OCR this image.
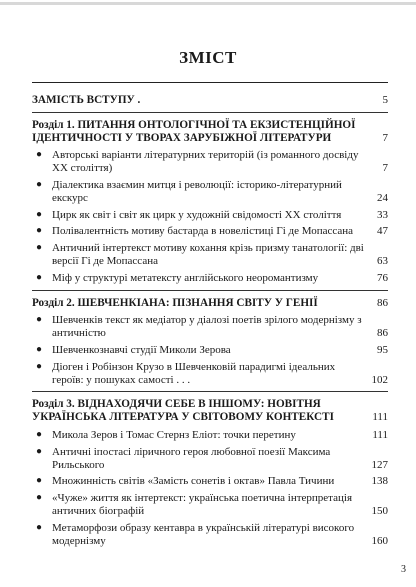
ЗМІСТ
ЗАМІСТЬ ВСТУПУ .	5
Розділ 1. ПИТАННЯ ОНТОЛОГІЧНОЇ ТА ЕКЗИСТЕНЦІЙНОЇ ІДЕНТИЧНОСТІ У ТВОРАХ ЗАРУБІЖНОЇ ЛІТЕРАТУРИ	7
● Авторські варіанти літературних територій (із романного досвіду ХХ століття)	7
● Діалектика взаємин митця і революції: історико-літературний екскурс	24
● Цирк як світ і світ як цирк у художній свідомості ХХ століття	33
● Полівалентність мотиву бастарда в новелістиці Гі де Мопассана	47
● Античний інтертекст мотиву кохання крізь призму танатології: дві версії Гі де Мопассана	63
● Міф у структурі метатексту англійського неоромантизму	76
Розділ 2. ШЕВЧЕНКІАНА: ПІЗНАННЯ СВІТУ У ГЕНІЇ	86
● Шевченків текст як медіатор у діалозі поетів зрілого модернізму з античністю	86
● Шевченкознавчі студії Миколи Зерова	95
● Діоген і Робінзон Крузо в Шевченковій парадигмі ідеальних героїв: у пошуках самості . . .	102
Розділ 3. ВІДНАХОДЯЧИ СЕБЕ В ІНШОМУ: НОВІТНЯ УКРАЇНСЬКА ЛІТЕРАТУРА У СВІТОВОМУ КОНТЕКСТІ	111
● Микола Зеров і Томас Стернз Еліот: точки перетину	111
● Античні іпостасі ліричного героя любовної поезії Максима Рильського	127
● Множинність світів «Замість сонетів і октав» Павла Тичини	138
● «Чуже» життя як інтертекст: українська поетична інтерпретація античних біографій	150
● Метаморфози образу кентавра в українській літературі високого модернізму	160
3
